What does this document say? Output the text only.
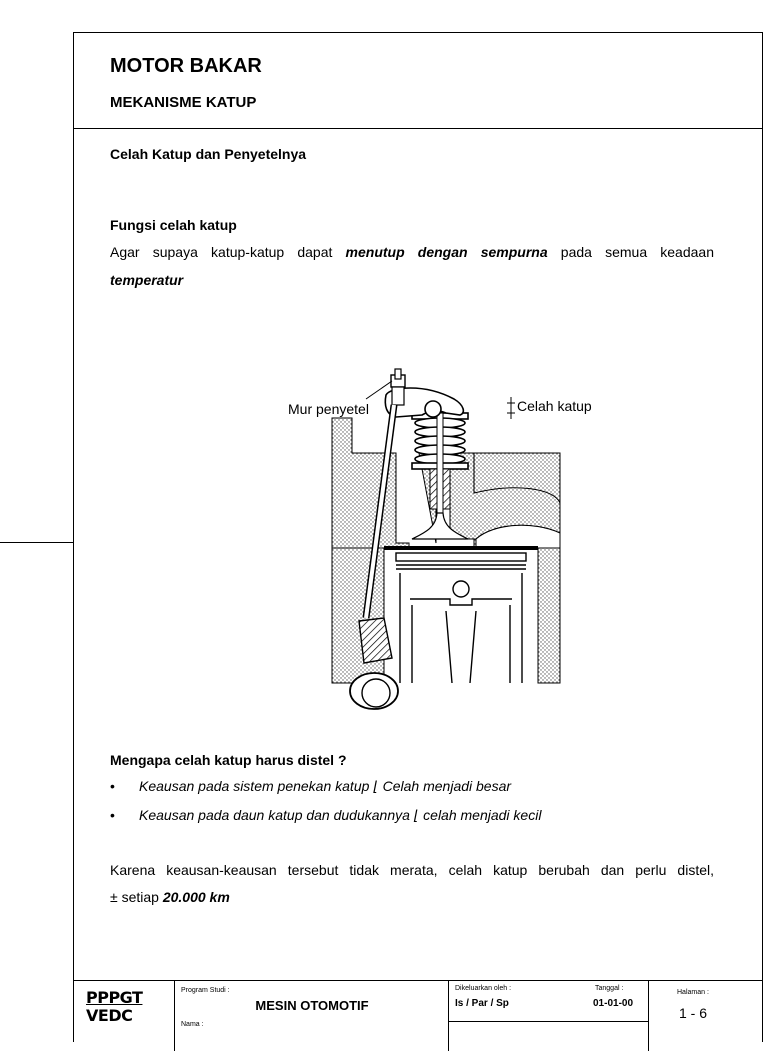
MOTOR BAKAR
MEKANISME KATUP
Celah Katup dan Penyetelnya
Fungsi celah katup
Agar supaya katup-katup dapat menutup dengan sempurna pada semua keadaan
temperatur
Mur penyetel	Celah katup
Mengapa celah katup harus distel ?
• Keausan pada sistem penekan katup ⌊ Celah menjadi besar
• Keausan pada daun katup dan dudukannya ⌊ celah menjadi kecil
Karena keausan-keausan tersebut tidak merata, celah katup berubah dan perlu distel,
± setiap 20.000 km
PPPGT
VEDC
Program Studi :
MESIN OTOMOTIF
Nama :
Dikeluarkan oleh :
Is / Par / Sp
Tanggal :
01-01-00
Halaman :
1 - 6
